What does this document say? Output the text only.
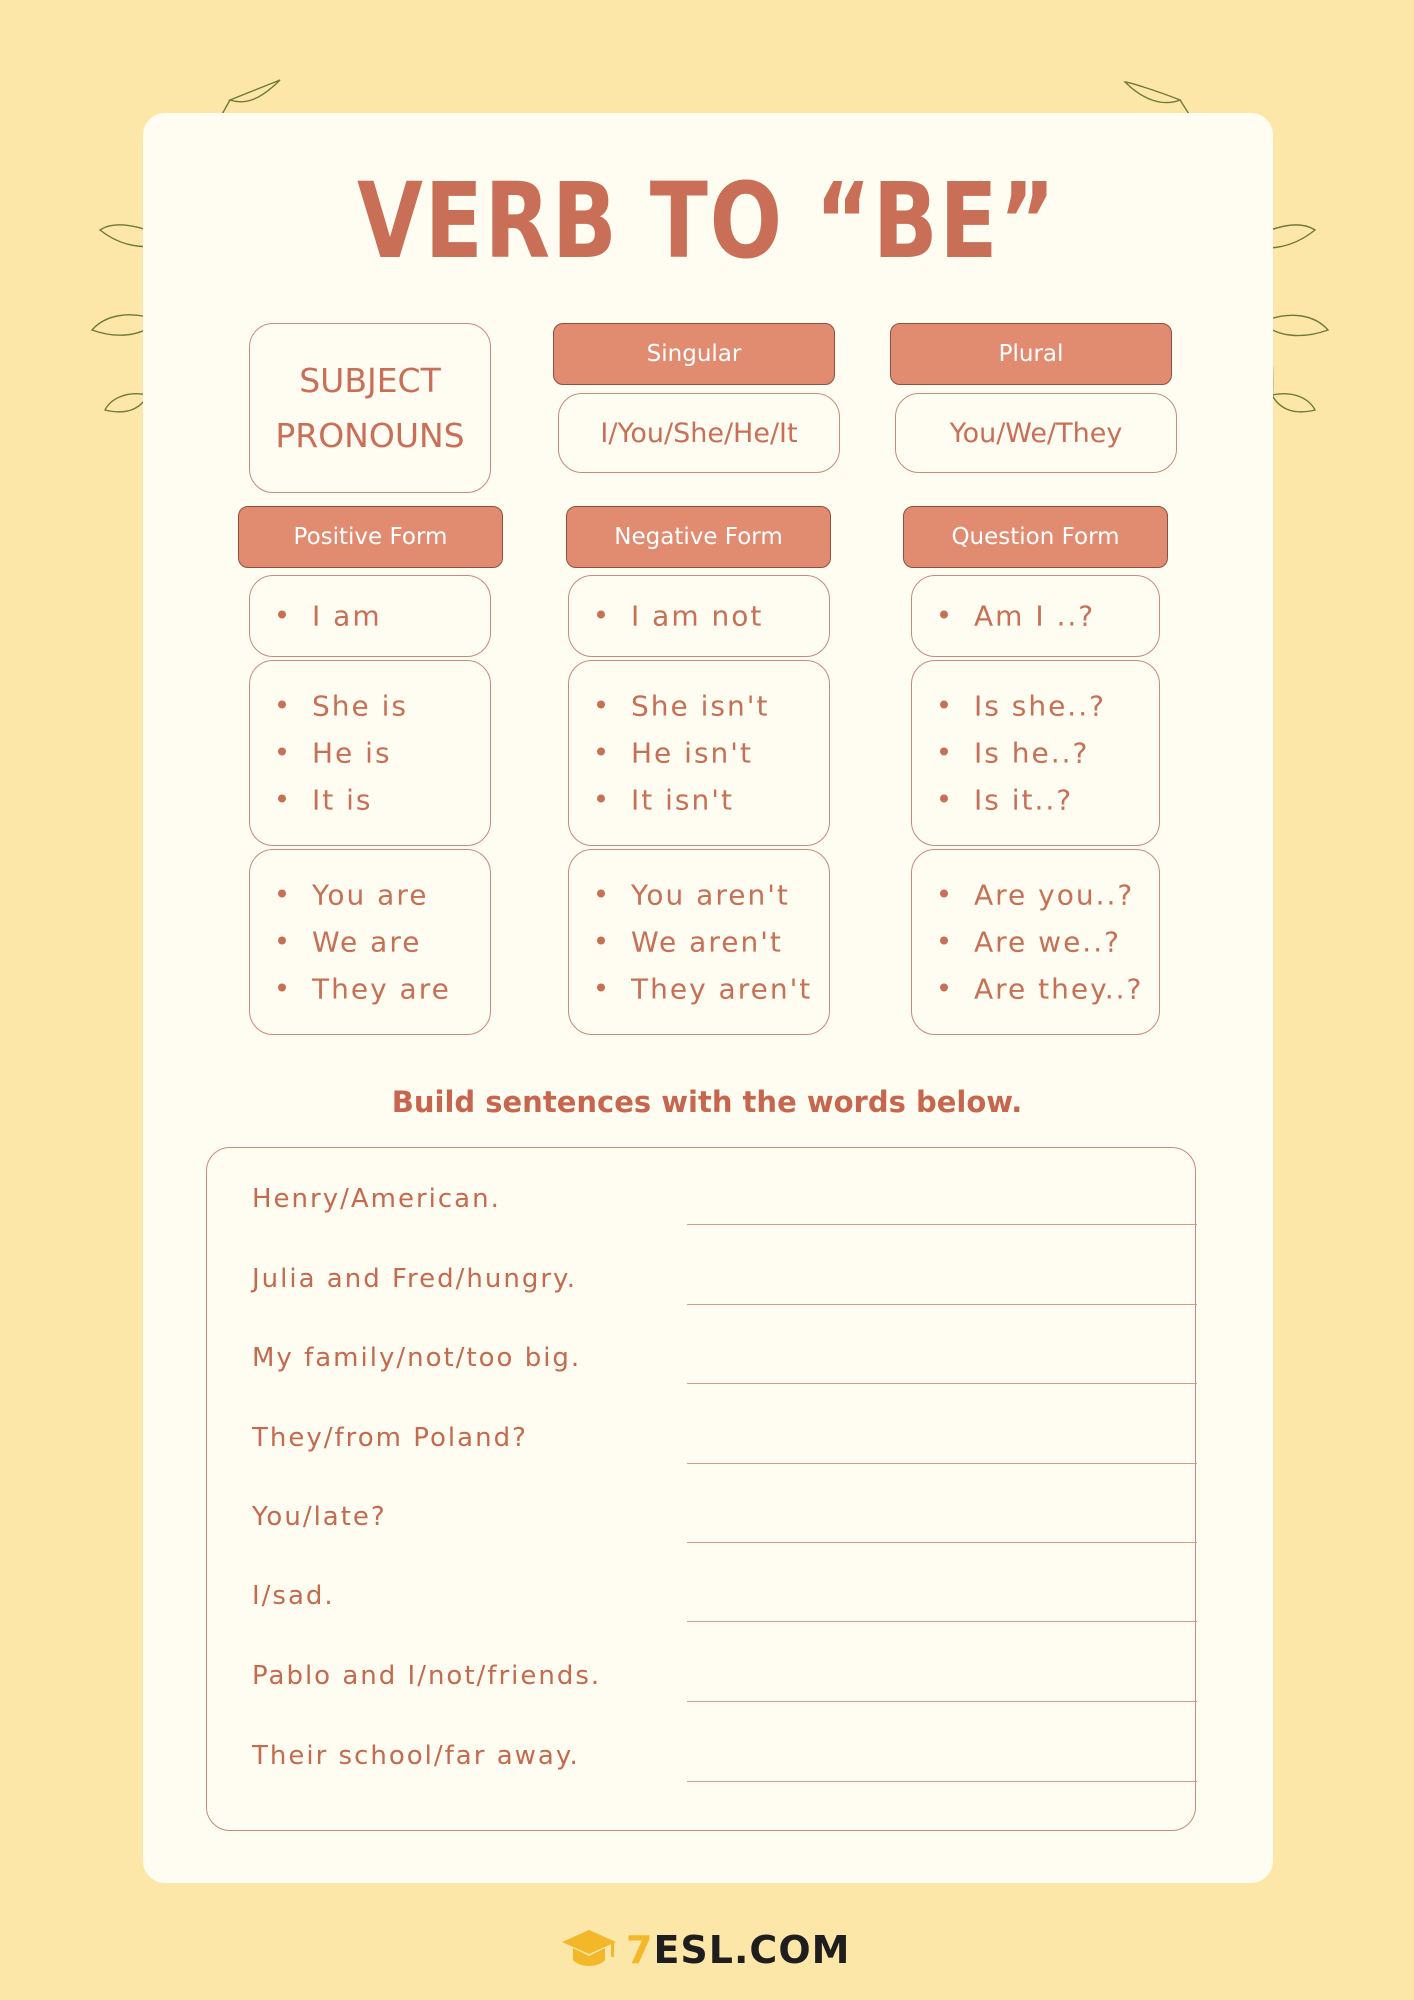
VERB TO “BE”
SUBJECT
PRONOUNS
Singular
I/You/She/He/It
Plural
You/We/They
Positive Form	Negative Form	Question Form
I am
She is
He is
It is
You are
We are
They are
I am not
She isn't
He isn't
It isn't
You aren't
We aren't
They aren't
Am I ..?
Is she..?
Is he..?
Is it..?
Are you..?
Are we..?
Are they..?

Build sentences with the words below.

Henry/American.
Julia and Fred/hungry.
My family/not/too big.
They/from Poland?
You/late?
I/sad.
Pablo and I/not/friends.
Their school/far away.
7ESL.COM
